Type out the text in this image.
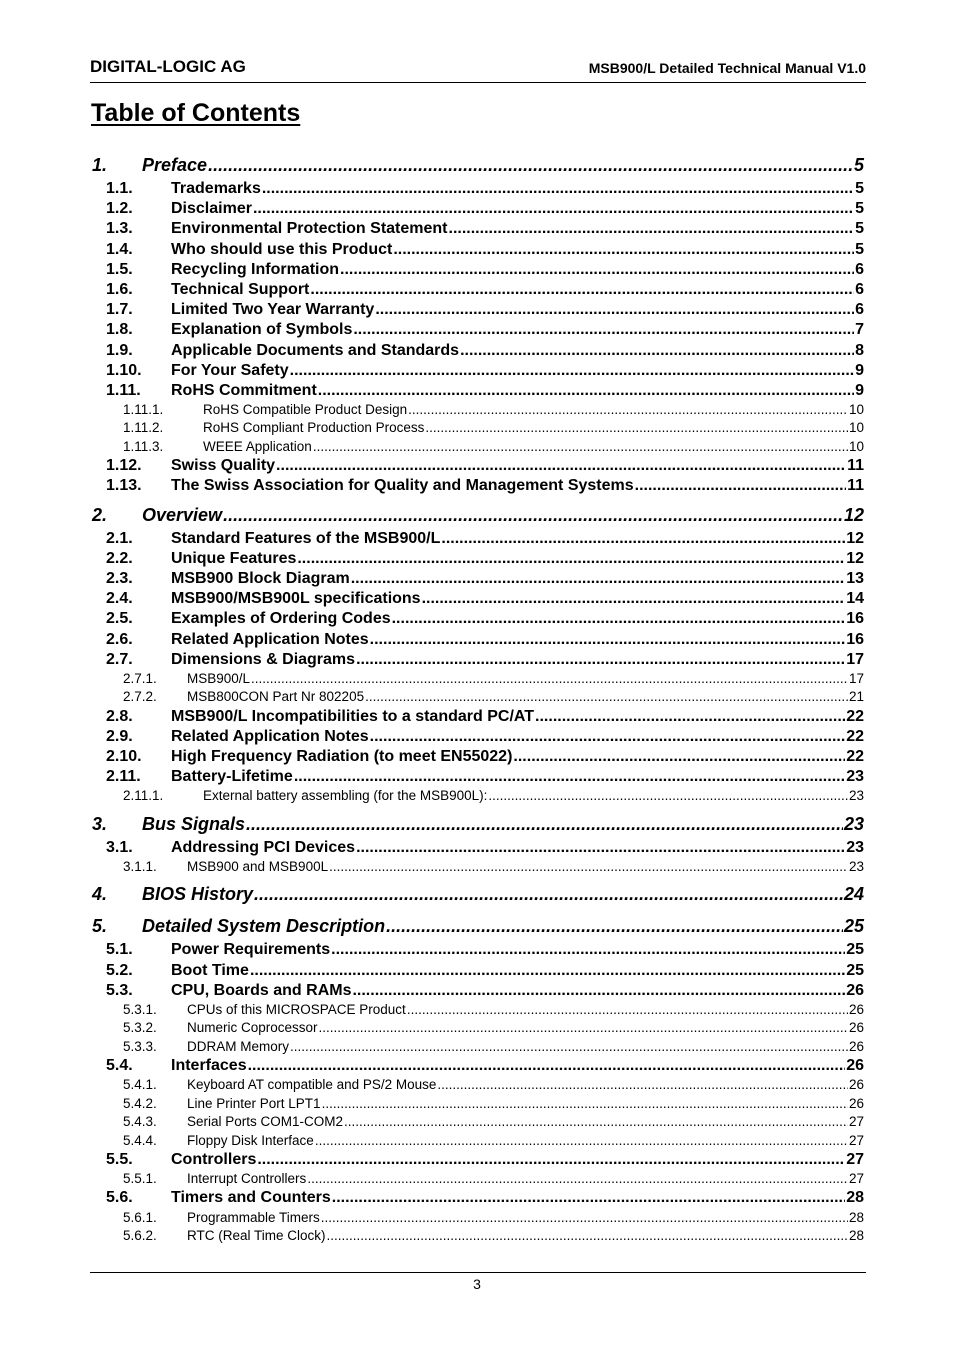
DIGITAL-LOGIC AG	MSB900/L Detailed Technical Manual V1.0
Table of Contents
1.	Preface .....	5
1.1.	Trademarks .....	5
1.2.	Disclaimer .....	5
1.3.	Environmental Protection Statement .....	5
1.4.	Who should use this Product .....	5
1.5.	Recycling Information .....	6
1.6.	Technical Support .....	6
1.7.	Limited Two Year Warranty .....	6
1.8.	Explanation of Symbols .....	7
1.9.	Applicable Documents and Standards .....	8
1.10.	For Your Safety .....	9
1.11.	RoHS Commitment .....	9
1.11.1.	RoHS Compatible Product Design .....	10
1.11.2.	RoHS Compliant Production Process .....	10
1.11.3.	WEEE Application .....	10
1.12.	Swiss Quality .....	11
1.13.	The Swiss Association for Quality and Management Systems .....	11
2.	Overview .....	12
2.1.	Standard Features of the MSB900/L .....	12
2.2.	Unique Features .....	12
2.3.	MSB900 Block Diagram .....	13
2.4.	MSB900/MSB900L specifications .....	14
2.5.	Examples of Ordering Codes .....	16
2.6.	Related Application Notes .....	16
2.7.	Dimensions & Diagrams .....	17
2.7.1.	MSB900/L .....	17
2.7.2.	MSB800CON Part Nr 802205 .....	21
2.8.	MSB900/L Incompatibilities to a standard PC/AT .....	22
2.9.	Related Application Notes .....	22
2.10.	High Frequency Radiation (to meet EN55022) .....	22
2.11.	Battery-Lifetime .....	23
2.11.1.	External battery assembling (for the MSB900L): .....	23
3.	Bus Signals .....	23
3.1.	Addressing PCI Devices .....	23
3.1.1.	MSB900 and MSB900L .....	23
4.	BIOS History .....	24
5.	Detailed System Description .....	25
5.1.	Power Requirements .....	25
5.2.	Boot Time .....	25
5.3.	CPU, Boards and RAMs .....	26
5.3.1.	CPUs of this MICROSPACE Product .....	26
5.3.2.	Numeric Coprocessor .....	26
5.3.3.	DDRAM Memory .....	26
5.4.	Interfaces .....	26
5.4.1.	Keyboard AT compatible and PS/2 Mouse .....	26
5.4.2.	Line Printer Port LPT1 .....	26
5.4.3.	Serial Ports COM1-COM2 .....	27
5.4.4.	Floppy Disk Interface .....	27
5.5.	Controllers .....	27
5.5.1.	Interrupt Controllers .....	27
5.6.	Timers and Counters .....	28
5.6.1.	Programmable Timers .....	28
5.6.2.	RTC (Real Time Clock) .....	28
3
